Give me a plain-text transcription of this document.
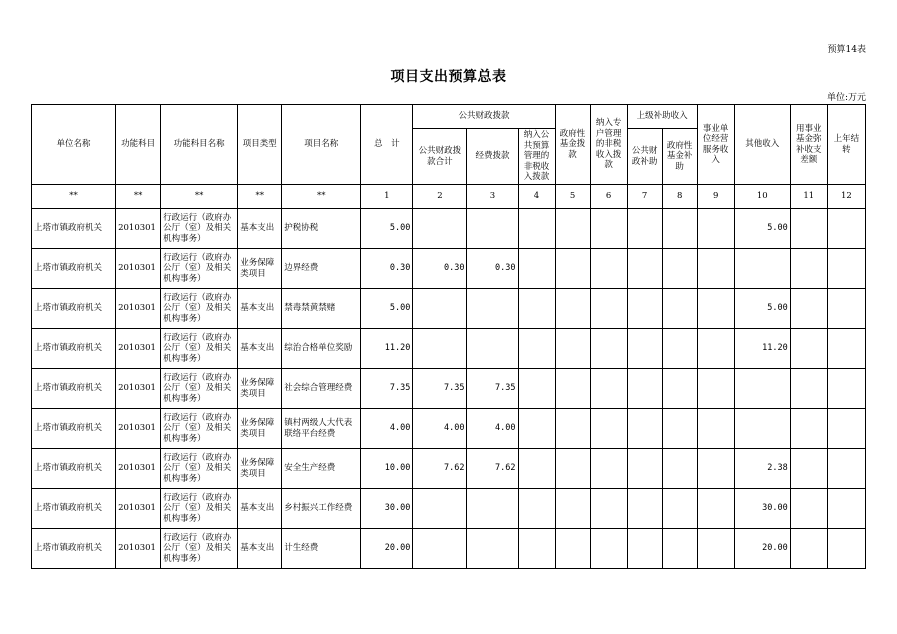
预算14表
项目支出预算总表
单位:万元
单位名称	功能科目	功能科目名称	项目类型	项目名称	总　计	公共财政拨款			政府性基金拨款	纳入专户管理的非税收入拨款	上级补助收入		事业单位经营服务收入	其他收入	用事业基金弥补收支差额	上年结转
						公共财政拨款合计	经费拨款	纳入公共预算管理的非税收入拨款			公共财政补助	政府性基金补助				
**	**	**	**	**	1	2	3	4	5	6	7	8	9	10	11	12
上塔市镇政府机关	2010301	行政运行（政府办公厅（室）及相关机构事务）	基本支出	护税协税	5.00									5.00		
上塔市镇政府机关	2010301	行政运行（政府办公厅（室）及相关机构事务）	业务保障类项目	边界经费	0.30	0.30	0.30									
上塔市镇政府机关	2010301	行政运行（政府办公厅（室）及相关机构事务）	基本支出	禁毒禁黄禁赌	5.00									5.00		
上塔市镇政府机关	2010301	行政运行（政府办公厅（室）及相关机构事务）	基本支出	综治合格单位奖励	11.20									11.20		
上塔市镇政府机关	2010301	行政运行（政府办公厅（室）及相关机构事务）	业务保障类项目	社会综合管理经费	7.35	7.35	7.35									
上塔市镇政府机关	2010301	行政运行（政府办公厅（室）及相关机构事务）	业务保障类项目	镇村两级人大代表联络平台经费	4.00	4.00	4.00									
上塔市镇政府机关	2010301	行政运行（政府办公厅（室）及相关机构事务）	业务保障类项目	安全生产经费	10.00	7.62	7.62							2.38		
上塔市镇政府机关	2010301	行政运行（政府办公厅（室）及相关机构事务）	基本支出	乡村振兴工作经费	30.00									30.00		
上塔市镇政府机关	2010301	行政运行（政府办公厅（室）及相关机构事务）	基本支出	计生经费	20.00									20.00		
